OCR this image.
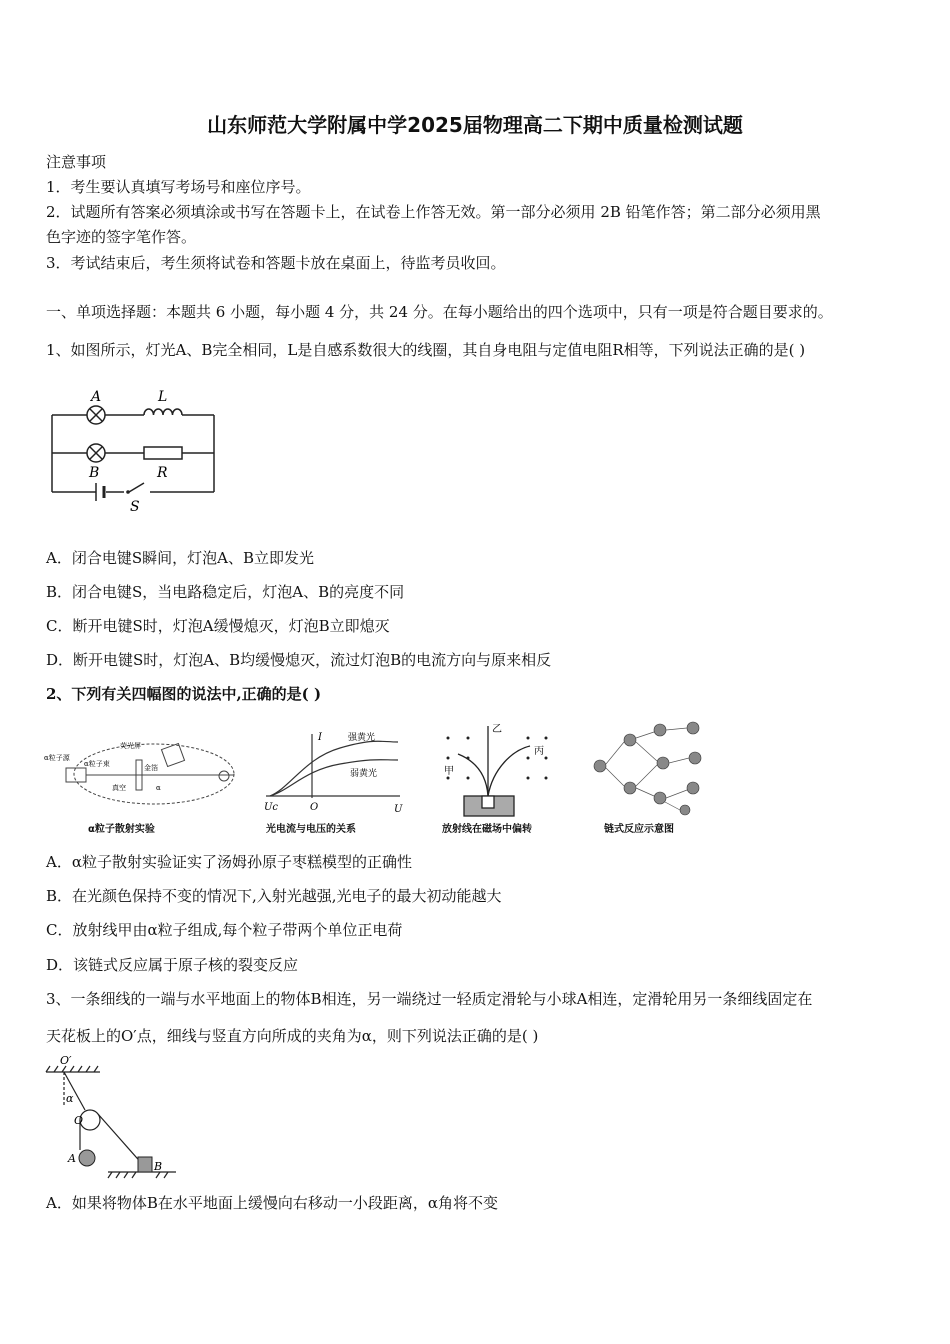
山东师范大学附属中学2025届物理高二下期中质量检测试题
注意事项
1．考生要认真填写考场号和座位序号。
2．试题所有答案必须填涂或书写在答题卡上，在试卷上作答无效。第一部分必须用 2B 铅笔作答；第二部分必须用黑
色字迹的签字笔作答。
3．考试结束后，考生须将试卷和答题卡放在桌面上，待监考员收回。
一、单项选择题：本题共 6 小题，每小题 4 分，共 24 分。在每小题给出的四个选项中，只有一项是符合题目要求的。
1、如图所示，灯光A、B完全相同，L是自感系数很大的线圈，其自身电阻与定值电阻R相等，下列说法正确的是( )
A	L
B	R
S
A．闭合电键S瞬间，灯泡A、B立即发光
B．闭合电键S，当电路稳定后，灯泡A、B的亮度不同
C．断开电键S时，灯泡A缓慢熄灭，灯泡B立即熄灭
D．断开电键S时，灯泡A、B均缓慢熄灭，流过灯泡B的电流方向与原来相反
2、下列有关四幅图的说法中,正确的是( )
荧光屏
α粒子源
α粒子束	金箔
真空	α
α粒子散射实验
I	强黄光
弱黄光
Uc	O	U
光电流与电压的关系
乙
甲
丙
放射线在磁场中偏转	链式反应示意图
A．α粒子散射实验证实了汤姆孙原子枣糕模型的正确性
B．在光颜色保持不变的情况下,入射光越强,光电子的最大初动能越大
C．放射线甲由α粒子组成,每个粒子带两个单位正电荷
D．该链式反应属于原子核的裂变反应
3、一条细线的一端与水平地面上的物体B相连，另一端绕过一轻质定滑轮与小球A相连，定滑轮用另一条细线固定在
天花板上的O′点，细线与竖直方向所成的夹角为α，则下列说法正确的是( )
O′
α
O
A
B
A．如果将物体B在水平地面上缓慢向右移动一小段距离，α角将不变
